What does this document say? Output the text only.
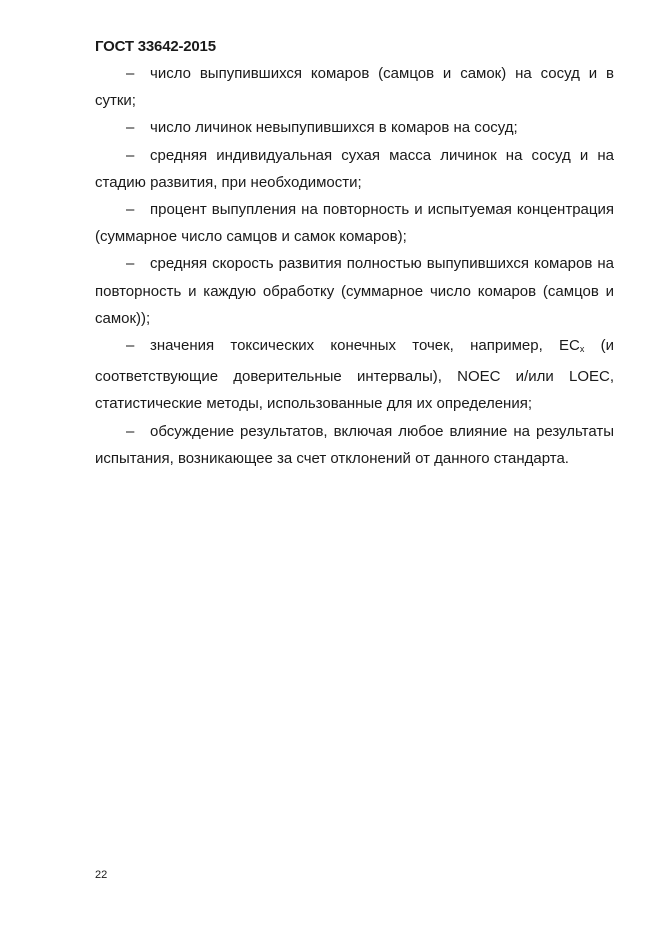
ГОСТ 33642-2015

– число выпупившихся комаров (самцов и самок) на сосуд и в сутки;

– число личинок невыпупившихся в комаров на сосуд;

– средняя индивидуальная сухая масса личинок на сосуд и на стадию развития, при необходимости;

– процент выпупления на повторность и испытуемая концентрация (суммарное число самцов и самок комаров);

– средняя скорость развития полностью выпупившихся комаров на повторность и каждую обработку (суммарное число комаров (самцов и самок));

– значения токсических конечных точек, например, $EC_x$ (и соответствующие доверительные интервалы), NOEC и/или LOEC, статистические методы, использованные для их определения;

– обсуждение результатов, включая любое влияние на результаты испытания, возникающее за счет отклонений от данного стандарта.

22
